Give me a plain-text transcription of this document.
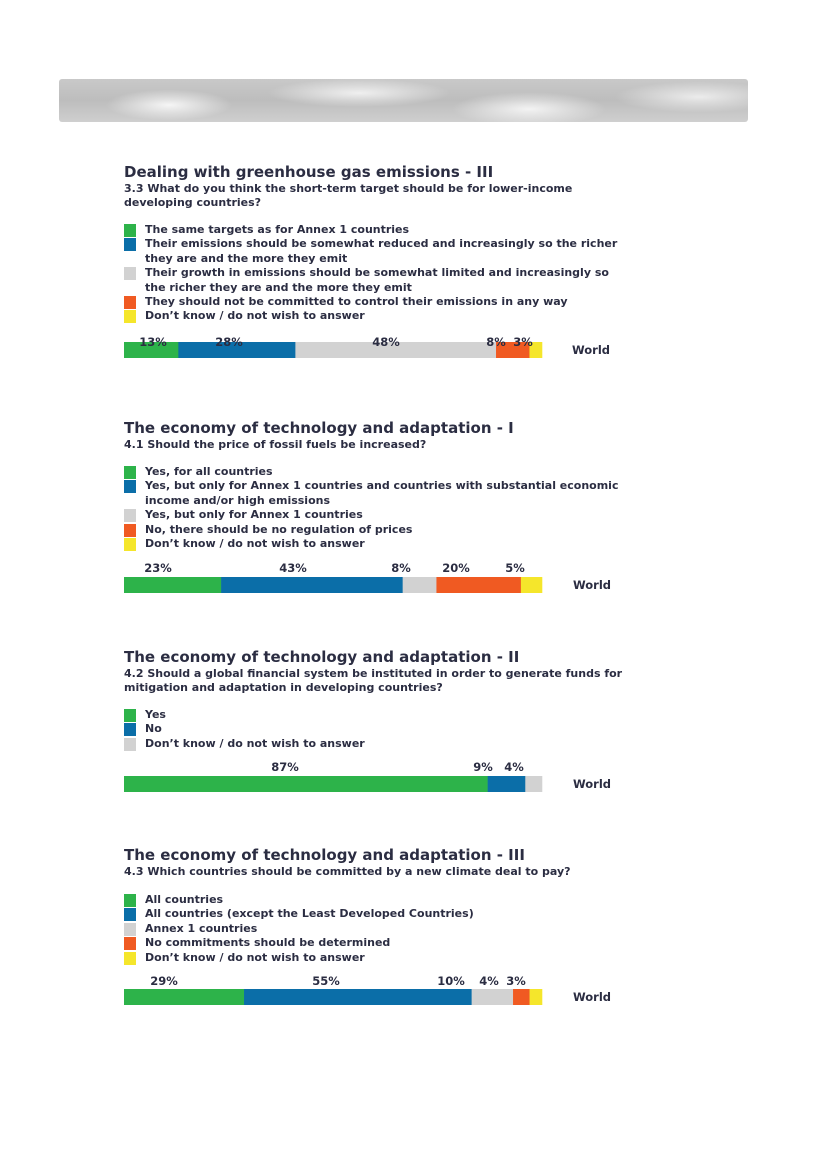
Dealing with greenhouse gas emissions - III
3.3 What do you think the short-term target should be for lower-income
developing countries?
The same targets as for Annex 1 countries
Their emissions should be somewhat reduced and increasingly so the richer
they are and the more they emit
Their growth in emissions should be somewhat limited and increasingly so
the richer they are and the more they emit
They should not be committed to control their emissions in any way
Don’t know / do not wish to answer
13%	28%	48%	8% 3%
World
The economy of technology and adaptation - I
4.1 Should the price of fossil fuels be increased?
Yes, for all countries
Yes, but only for Annex 1 countries and countries with substantial economic
income and/or high emissions
Yes, but only for Annex 1 countries
No, there should be no regulation of prices
Don’t know / do not wish to answer
23%	43%	8%	20%	5%
World
The economy of technology and adaptation - II
4.2 Should a global financial system be instituted in order to generate funds for
mitigation and adaptation in developing countries?
Yes
No
Don’t know / do not wish to answer
87%	9% 4%
World
The economy of technology and adaptation - III
4.3 Which countries should be committed by a new climate deal to pay?
All countries
All countries (except the Least Developed Countries)
Annex 1 countries
No commitments should be determined
Don’t know / do not wish to answer
29%	55%	10% 4% 3%
World
